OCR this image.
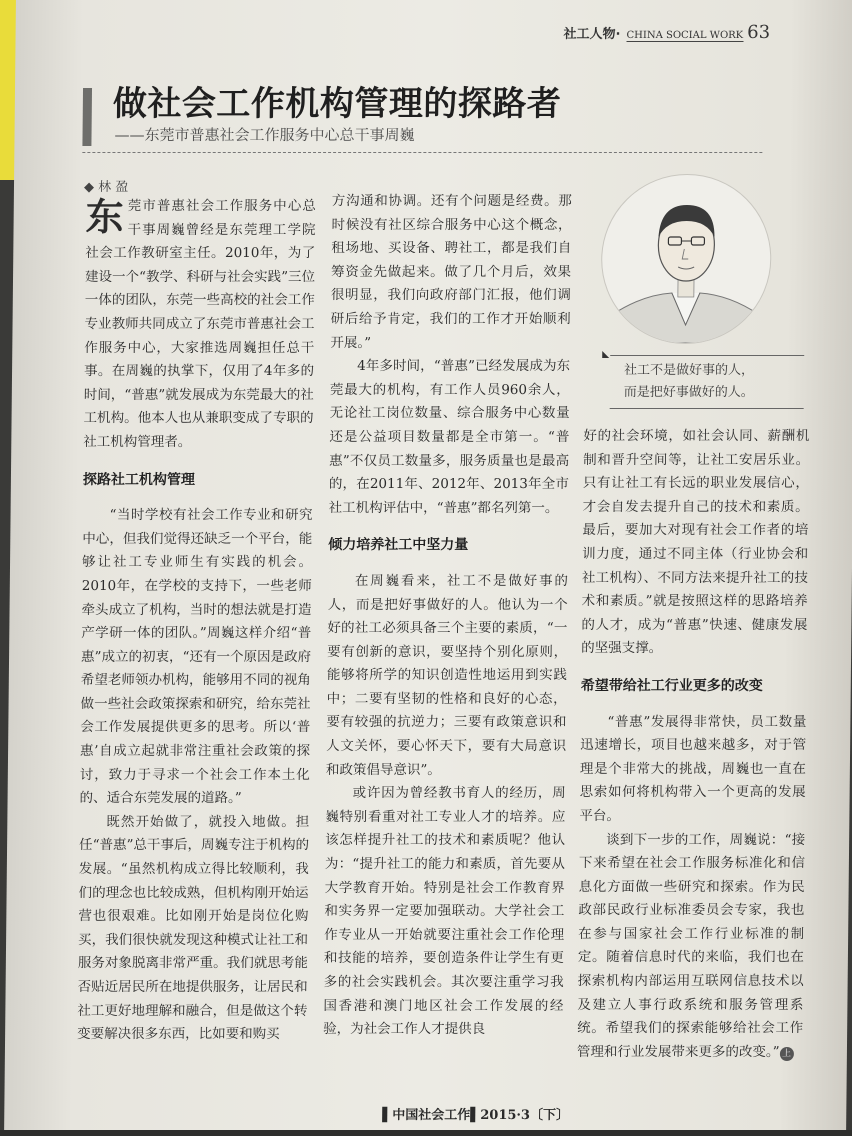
社工人物· CHINA SOCIAL WORK 63
做社会工作机构管理的探路者
——东莞市普惠社会工作服务中心总干事周巍
◆ 林 盈

东莞市普惠社会工作服务中心总干事周巍曾经是东莞理工学院社会工作教研室主任。2010年，为了建设一个“教学、科研与社会实践”三位一体的团队，东莞一些高校的社会工作专业教师共同成立了东莞市普惠社会工作服务中心，大家推选周巍担任总干事。在周巍的执掌下，仅用了4年多的时间，“普惠”就发展成为东莞最大的社工机构。他本人也从兼职变成了专职的社工机构管理者。

探路社工机构管理

“当时学校有社会工作专业和研究中心，但我们觉得还缺乏一个平台，能够让社工专业师生有实践的机会。2010年，在学校的支持下，一些老师牵头成立了机构，当时的想法就是打造产学研一体的团队。”周巍这样介绍“普惠”成立的初衷，“还有一个原因是政府希望老师领办机构，能够用不同的视角做一些社会政策探索和研究，给东莞社会工作发展提供更多的思考。所以‘普惠’自成立起就非常注重社会政策的探讨，致力于寻求一个社会工作本土化的、适合东莞发展的道路。”

既然开始做了，就投入地做。担任“普惠”总干事后，周巍专注于机构的发展。“虽然机构成立得比较顺利，我们的理念也比较成熟，但机构刚开始运营也很艰难。比如刚开始是岗位化购买，我们很快就发现这种模式让社工和服务对象脱离非常严重。我们就思考能否贴近居民所在地提供服务，让居民和社工更好地理解和融合，但是做这个转变要解决很多东西，比如要和购买

方沟通和协调。还有个问题是经费。那时候没有社区综合服务中心这个概念，租场地、买设备、聘社工，都是我们自筹资金先做起来。做了几个月后，效果很明显，我们向政府部门汇报，他们调研后给予肯定，我们的工作才开始顺利开展。”

4年多时间，“普惠”已经发展成为东莞最大的机构，有工作人员960余人，无论社工岗位数量、综合服务中心数量还是公益项目数量都是全市第一。“普惠”不仅员工数量多，服务质量也是最高的，在2011年、2012年、2013年全市社工机构评估中，“普惠”都名列第一。

倾力培养社工中坚力量

在周巍看来，社工不是做好事的人，而是把好事做好的人。他认为一个好的社工必须具备三个主要的素质，“一要有创新的意识，要坚持个别化原则，能够将所学的知识创造性地运用到实践中；二要有坚韧的性格和良好的心态，要有较强的抗逆力；三要有政策意识和人文关怀，要心怀天下，要有大局意识和政策倡导意识”。

或许因为曾经教书育人的经历，周巍特别看重对社工专业人才的培养。应该怎样提升社工的技术和素质呢？他认为：“提升社工的能力和素质，首先要从大学教育开始。特别是社会工作教育界和实务界一定要加强联动。大学社会工作专业从一开始就要注重社会工作伦理和技能的培养，要创造条件让学生有更多的社会实践机会。其次要注重学习我国香港和澳门地区社会工作发展的经验，为社会工作人才提供良

社工不是做好事的人，
而是把好事做好的人。

好的社会环境，如社会认同、薪酬机制和晋升空间等，让社工安居乐业。只有让社工有长远的职业发展信心，才会自发去提升自己的技术和素质。最后，要加大对现有社会工作者的培训力度，通过不同主体（行业协会和社工机构）、不同方法来提升社工的技术和素质。”就是按照这样的思路培养的人才，成为“普惠”快速、健康发展的坚强支撑。

希望带给社工行业更多的改变

“普惠”发展得非常快，员工数量迅速增长，项目也越来越多，对于管理是个非常大的挑战，周巍也一直在思索如何将机构带入一个更高的发展平台。

谈到下一步的工作，周巍说：“接下来希望在社会工作服务标准化和信息化方面做一些研究和探索。作为民政部民政行业标准委员会专家，我也在参与国家社会工作行业标准的制定。随着信息时代的来临，我们也在探索机构内部运用互联网信息技术以及建立人事行政系统和服务管理系统。希望我们的探索能够给社会工作管理和行业发展带来更多的改变。” 上

▌中国社会工作▌2015·3〔下〕
